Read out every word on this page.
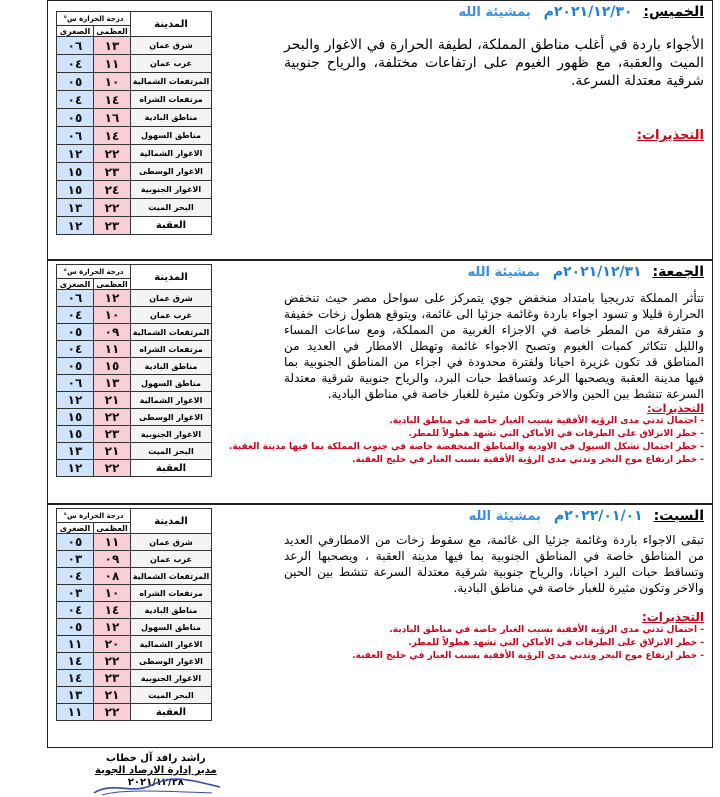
الخميس: ٢٠٢١/١٢/٣٠م بمشيئة الله
الأجواء باردة في أغلب مناطق المملكة، لطيفة الحرارة في الاغوار والبحر الميت والعقبة، مع ظهور الغيوم على ارتفاعات مختلفة، والرياح جنوبية شرقية معتدلة السرعة.
التحذيرات:
المدينة	درجة الحرارة س°	
	العظمى	الصغرى
شرق عمان	١٣	٠٦
غرب عمان	١١	٠٤
المرتفعات الشمالية	١٠	٠٥
مرتفعات الشراه	١٤	٠٤
مناطق البادية	١٦	٠٥
مناطق السهول	١٤	٠٦
الاغوار الشمالية	٢٢	١٢
الاغوار الوسطى	٢٣	١٥
الاغوار الجنوبية	٢٤	١٥
البحر الميت	٢٢	١٣
العقبة	٢٣	١٢
الجمعة: ٢٠٢١/١٢/٣١م بمشيئة الله
تتأثر المملكة تدريجيا بامتداد منخفض جوي يتمركز على سواحل مصر حيث تنخفض الحرارة قليلا و تسود اجواء باردة وغائمة جزئيا الى غائمة، ويتوقع هطول زخات خفيفة و متفرقة من المطر خاصة في الاجزاء الغربية من المملكة، ومع ساعات المساء والليل تتكاثر كميات الغيوم وتصبح الاجواء غائمة وتهطل الامطار في العديد من المناطق قد تكون غزيرة احيانا ولفترة محدودة في اجزاء من المناطق الجنوبية بما فيها مدينة العقبة ويصحبها الرعد وتساقط حبات البرد، والرياح جنوبية شرقية معتدلة السرعة تنشط بين الحين والاخر وتكون مثيرة للغبار خاصة في مناطق البادية.
التحذيرات:
- احتمال تدني مدى الرؤية الأفقية بسبب الغبار خاصة في مناطق البادية.
- خطر الانزلاق على الطرقات في الأماكن التي تشهد هطولاً للمطر.
- خطر احتمال تشكل السيول في الاودية والمناطق المنخفضة خاصة في جنوب المملكة بما فيها مدينة العقبة.
- خطر ارتفاع موج البحر وتدني مدى الرؤية الأفقية بسبب الغبار في خليج العقبة.
المدينة	درجة الحرارة س°	
	العظمى	الصغرى
شرق عمان	١٢	٠٦
غرب عمان	١٠	٠٤
المرتفعات الشمالية	٠٩	٠٥
مرتفعات الشراه	١١	٠٤
مناطق البادية	١٥	٠٥
مناطق السهول	١٣	٠٦
الاغوار الشمالية	٢١	١٢
الاغوار الوسطى	٢٢	١٥
الاغوار الجنوبية	٢٣	١٥
البحر الميت	٢١	١٣
العقبة	٢٢	١٢
السبت: ٢٠٢٢/٠١/٠١م بمشيئة الله
تبقى الاجواء باردة وغائمة جزئيا الى غائمة، مع سقوط زخات من الامطارفي العديد من المناطق خاصة في المناطق الجنوبية بما فيها مدينة العقبة ، ويصحبها الرعد وتساقط حبات البرد احيانا، والرياح جنوبية شرقية معتدلة السرعة تنشط بين الحين والاخر وتكون مثيرة للغبار خاصة في مناطق البادية.
التحذيرات:
- احتمال تدني مدى الرؤية الأفقية بسبب الغبار خاصة في مناطق البادية.
- خطر الانزلاق على الطرقات في الأماكن التي تشهد هطولاً للمطر.
- خطر ارتفاع موج البحر وتدني مدى الرؤية الأفقية بسبب الغبار في خليج العقبة.
المدينة	درجة الحرارة س°	
	العظمى	الصغرى
شرق عمان	١١	٠٥
غرب عمان	٠٩	٠٣
المرتفعات الشمالية	٠٨	٠٤
مرتفعات الشراه	١٠	٠٣
مناطق البادية	١٤	٠٤
مناطق السهول	١٢	٠٥
الاغوار الشمالية	٢٠	١١
الاغوار الوسطى	٢٢	١٤
الاغوار الجنوبية	٢٣	١٤
البحر الميت	٢١	١٣
العقبة	٢٢	١١
راشد رافد آل خطاب
مدير إدارة الارصاد الجوية
٢٠٢١/١٢/٢٨
